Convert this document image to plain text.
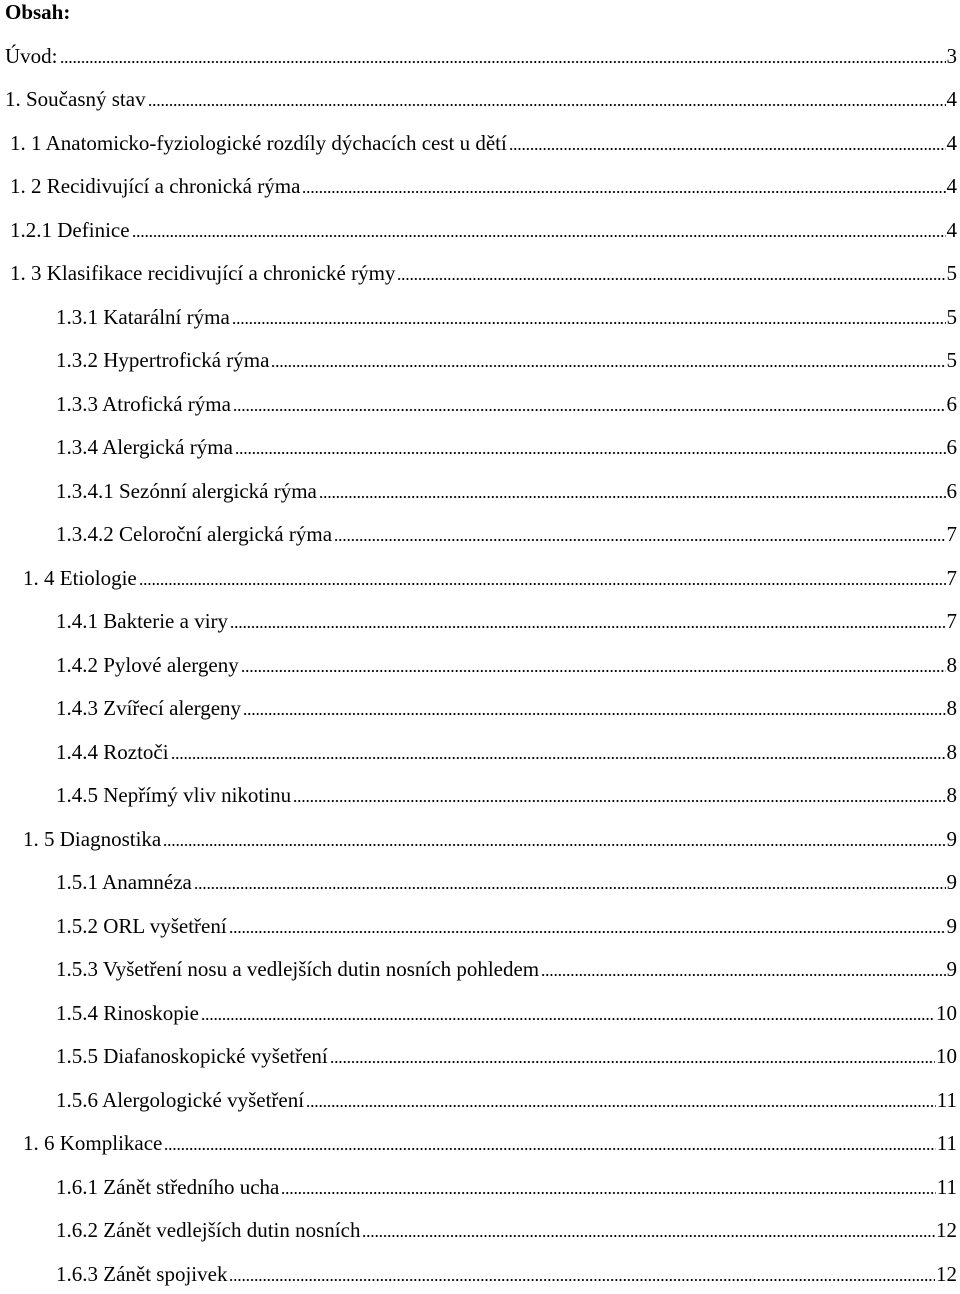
Obsah:
Úvod:	3
1. Současný stav	4
1. 1 Anatomicko-fyziologické rozdíly dýchacích cest u dětí	4
1. 2 Recidivující a chronická rýma	4
1.2.1 Definice	4
1. 3 Klasifikace recidivující a chronické rýmy	5
1.3.1 Katarální rýma	5
1.3.2 Hypertrofická rýma	5
1.3.3 Atrofická rýma	6
1.3.4 Alergická rýma	6
1.3.4.1 Sezónní alergická rýma	6
1.3.4.2 Celoroční alergická rýma	7
1. 4 Etiologie	7
1.4.1 Bakterie a viry	7
1.4.2 Pylové alergeny	8
1.4.3 Zvířecí alergeny	8
1.4.4 Roztoči	8
1.4.5 Nepřímý vliv nikotinu	8
1. 5 Diagnostika	9
1.5.1 Anamnéza	9
1.5.2 ORL vyšetření	9
1.5.3 Vyšetření nosu a vedlejších dutin nosních pohledem	9
1.5.4 Rinoskopie	10
1.5.5 Diafanoskopické vyšetření	10
1.5.6 Alergologické vyšetření	11
1. 6 Komplikace	11
1.6.1 Zánět středního ucha	11
1.6.2 Zánět vedlejších dutin nosních	12
1.6.3 Zánět spojivek	12
